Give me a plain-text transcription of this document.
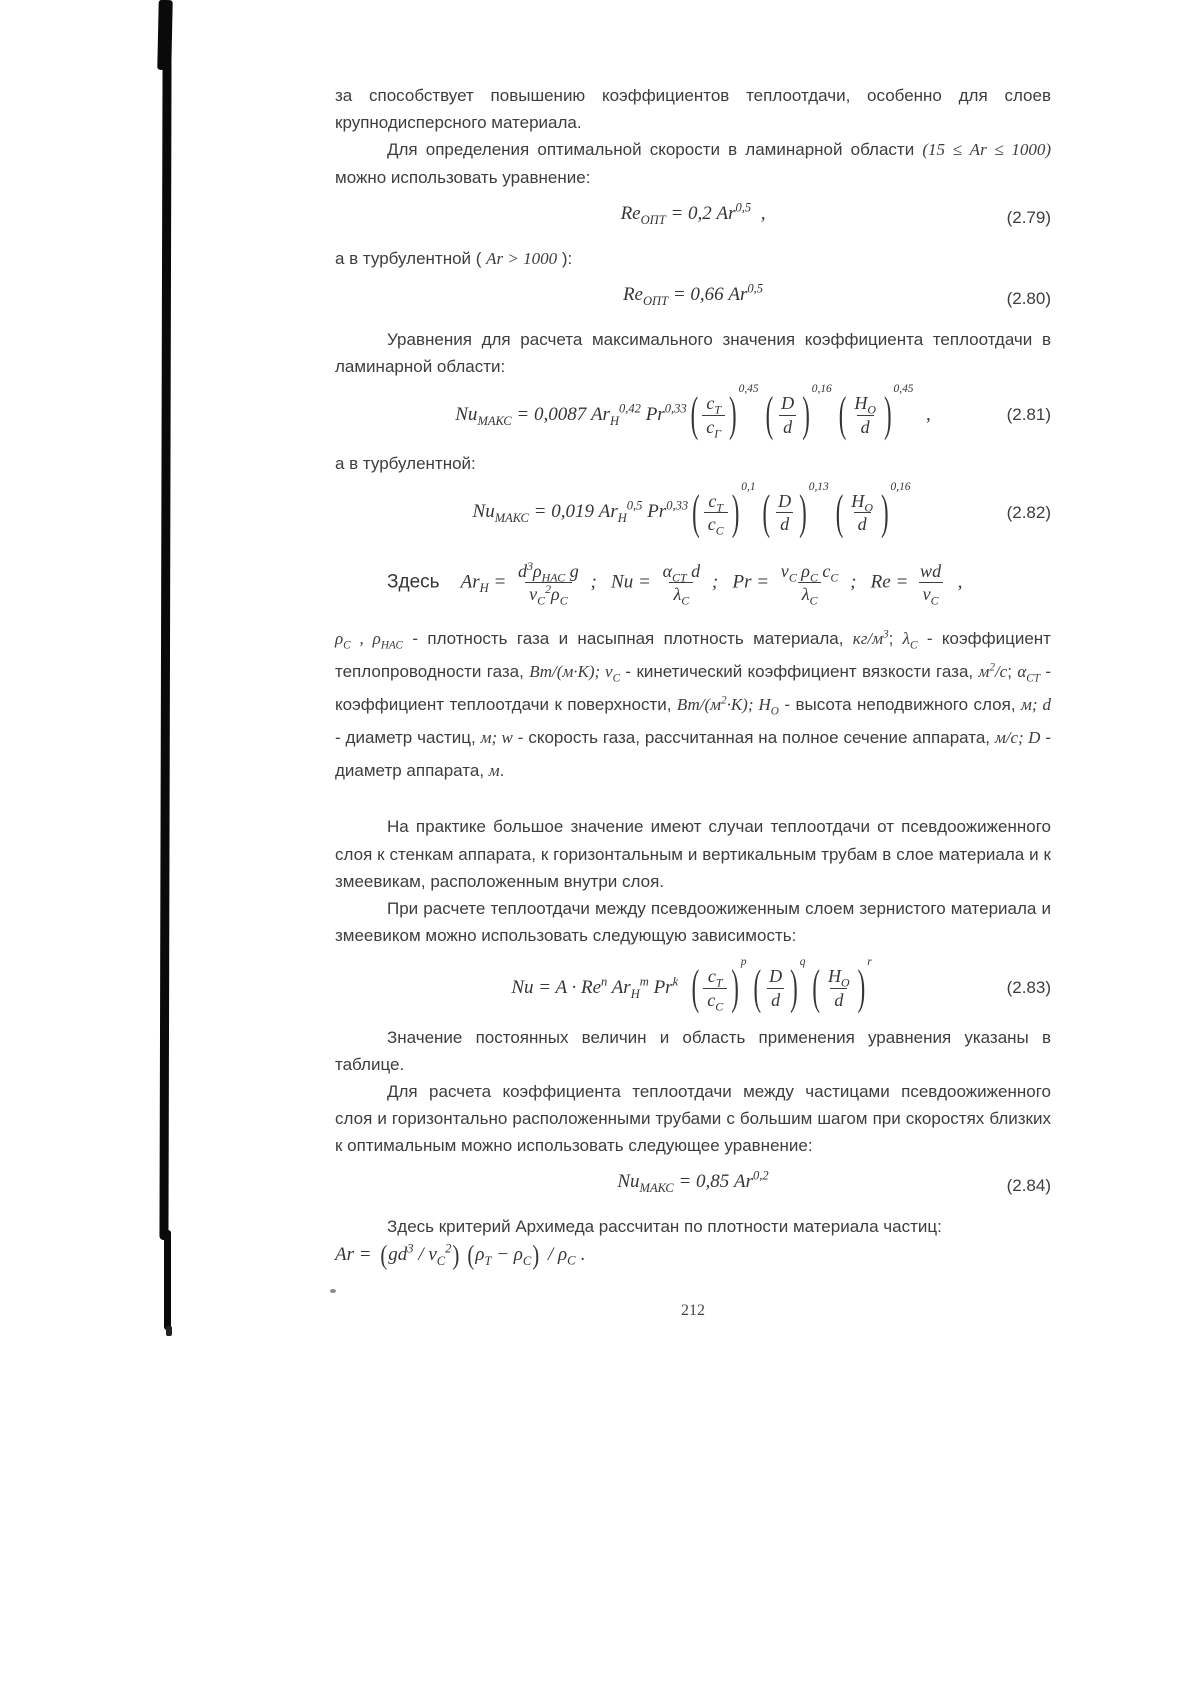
за способствует повышению коэффициентов теплоотдачи, особенно для слоев крупнодисперсного материала.
Для определения оптимальной скорости в ламинарной области (15 ≤ Ar ≤ 1000) можно использовать уравнение:
$Re_{ОПТ} = 0,2$ Ar$^{0,5}$  ,	(2.79)
а в турбулентной ( Ar > 1000 ):
$Re_{ОПТ} = 0,66$ Ar$^{0,5}$
(2.80)
Уравнения для расчета максимального значения коэффициента теплоотдачи в ламинарной области:
$Nu_{МАКС} = 0,0087$ $Ar_Н^{0,42}$ Pr$^{0,33}$ ( $\frac{c_Т}{c_Г}$ ) 0,45 ( $\frac{D}{d}$ ) 0,16 ( $\frac{H_О}{d}$ ) 0,45
,	(2.81)
а в турбулентной:
$Nu_{МАКС} = 0,019$ $Ar_Н^{0,5}$ Pr$^{0,33}$ ( $\frac{c_Т}{c_С}$ ) 0,1 ( $\frac{D}{d}$ ) 0,13 ( $\frac{H_О}{d}$ ) 0,16
(2.82)
Здесь    $Ar_Н = \frac{d^3\rho_{НАС} g}{v_С^2\rho_С}$ ;   $Nu = \frac{\alpha_{СТ} d}{\lambda_С}$ ;   $Pr = \frac{v_С \rho_С c_С}{\lambda_С}$ ;   $Re = \frac{wd}{v_С}$ ,
$\rho_С$ , $\rho_{НАС}$ - плотность газа и насыпная плотность материала, $кг/м^3$; $\lambda_С$ - коэффициент теплопроводности газа, Вт/(м·К); $v_С$ - кинетический коэффициент вязкости газа, $м^2/с$; $\alpha_{СТ}$ - коэффициент теплоотдачи к поверхности, $Вт/(м^2\cdot К)$; $H_О$ - высота неподвижного слоя, м; d - диаметр частиц, м; w - скорость газа, рассчитанная на полное сечение аппарата, м/с; D - диаметр аппарата, м.
На практике большое значение имеют случаи теплоотдачи от псевдоожиженного слоя к стенкам аппарата, к горизонтальным и вертикальным трубам в слое материала и к змеевикам, расположенным внутри слоя.
При расчете теплоотдачи между псевдоожиженным слоем зернистого материала и змеевиком можно использовать следующую зависимость:
$Nu = A \cdot Re^n$ $Ar_Н^m$ Pr$^k$ ( $\frac{c_Т}{c_С}$ ) p ( $\frac{D}{d}$ ) q ( $\frac{H_О}{d}$ ) r
(2.83)
Значение постоянных величин и область применения уравнения указаны в таблице.
Для расчета коэффициента теплоотдачи между частицами псевдоожиженного слоя и горизонтально расположенными трубами с большим шагом при скоростях близких к оптимальным можно использовать следующее уравнение:
$Nu_{МАКС} = 0,85$ Ar$^{0,2}$
(2.84)
Здесь критерий Архимеда рассчитан по плотности материала частиц:
Ar = ( $gd^3 / v_С^2$ ) ( $\rho_Т - \rho_С$ ) / $\rho_С$ .
212
